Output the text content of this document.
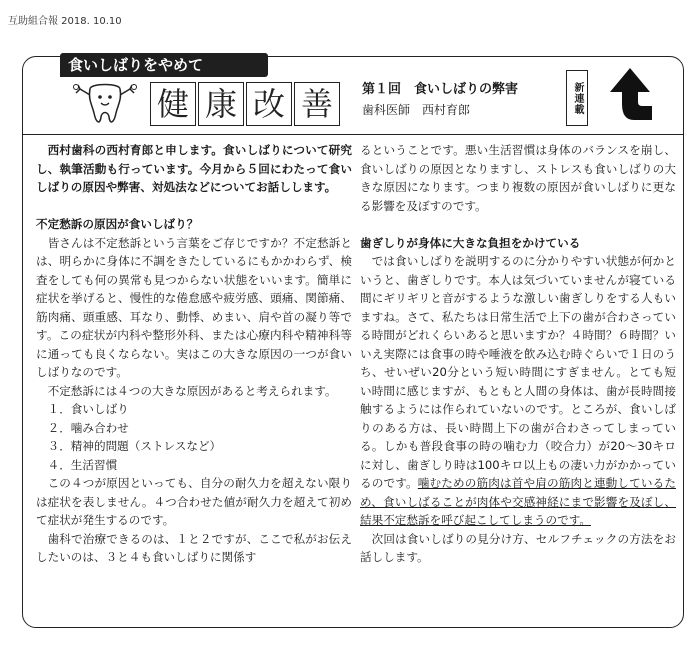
互助組合報 2018. 10.10
食いしばりをやめて
健 康 改 善	第１回　食いしばりの弊害
歯科医師　西村育郎	新連載

西村歯科の西村育郎と申します。食いしばりについて研究し、執筆活動も行っています。今月から５回にわたって食いしばりの原因や弊害、対処法などについてお話しします。

不定愁訴の原因が食いしばり？

皆さんは不定愁訴という言葉をご存じですか？不定愁訴とは、明らかに身体に不調をきたしているにもかかわらず、検査をしても何の異常も見つからない状態をいいます。簡単に症状を挙げると、慢性的な倦怠感や疲労感、頭痛、関節痛、筋肉痛、頭重感、耳なり、動悸、めまい、肩や首の凝り等です。この症状が内科や整形外科、または心療内科や精神科等に通っても良くならない。実はこの大きな原因の一つが食いしばりなのです。

不定愁訴には４つの大きな原因があると考えられます。

１．食いしばり

２．噛み合わせ

３．精神的問題（ストレスなど）

４．生活習慣

この４つが原因といっても、自分の耐久力を超えない限りは症状を表しません。４つ合わせた値が耐久力を超えて初めて症状が発生するのです。

歯科で治療できるのは、１と２ですが、ここで私がお伝えしたいのは、３と４も食いしばりに関係す

るということです。悪い生活習慣は身体のバランスを崩し、食いしばりの原因となりますし、ストレスも食いしばりの大きな原因になります。つまり複数の原因が食いしばりに更なる影響を及ぼすのです。

歯ぎしりが身体に大きな負担をかけている

では食いしばりを説明するのに分かりやすい状態が何かというと、歯ぎしりです。本人は気づいていませんが寝ている間にギリギリと音がするような激しい歯ぎしりをする人もいますね。さて、私たちは日常生活で上下の歯が合わさっている時間がどれくらいあると思いますか？４時間？６時間？いいえ実際には食事の時や唾液を飲み込む時ぐらいで１日のうち、せいぜい20分という短い時間にすぎません。とても短い時間に感じますが、もともと人間の身体は、歯が長時間接触するようには作られていないのです。ところが、食いしばりのある方は、長い時間上下の歯が合わさってしまっている。しかも普段食事の時の噛む力（咬合力）が20〜30キロに対し、歯ぎしり時は100キロ以上もの凄い力がかかっているのです。噛むための筋肉は首や肩の筋肉と連動しているため、食いしばることが肉体や交感神経にまで影響を及ぼし、結果不定愁訴を呼び起こしてしまうのです。

次回は食いしばりの見分け方、セルフチェックの方法をお話しします。
